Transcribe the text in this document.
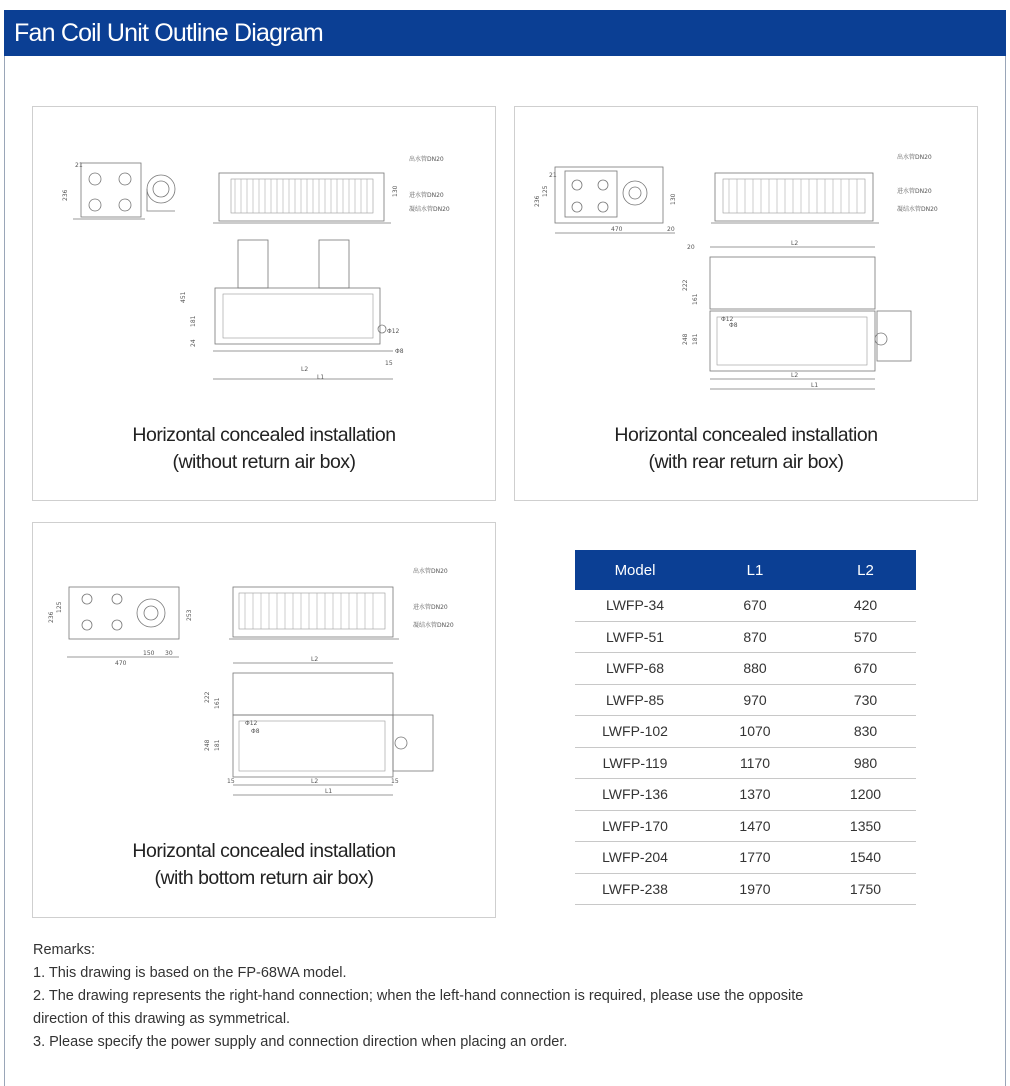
Fan Coil Unit Outline Diagram
21
236
出水管DN20
进水管DN20
凝结水管DN20
130
L2
L1
15
Φ12
Φ8
451
181
24
Horizontal concealed installation
(without return air box)
470	20
21
236
125
130
出水管DN20
进水管DN20
凝结水管DN20
L2
L2
L1
20
Φ12
Φ8
222
161
248 181
Horizontal concealed installation
(with rear return air box)
470
150 30
236
125
253
出水管DN20
进水管DN20
凝结水管DN20
L2
L2
L1
15	15
Φ12
Φ8
222
161
248 181
Horizontal concealed installation
(with bottom return air box)
Model	L1	L2
LWFP-34	670	420
LWFP-51	870	570
LWFP-68	880	670
LWFP-85	970	730
LWFP-102	1070	830
LWFP-119	1170	980
LWFP-136	1370	1200
LWFP-170	1470	1350
LWFP-204	1770	1540
LWFP-238	1970	1750
Remarks:
1. This drawing is based on the FP-68WA model.
2. The drawing represents the right-hand connection; when the left-hand connection is required, please use the opposite
direction of this drawing as symmetrical.
3. Please specify the power supply and connection direction when placing an order.
